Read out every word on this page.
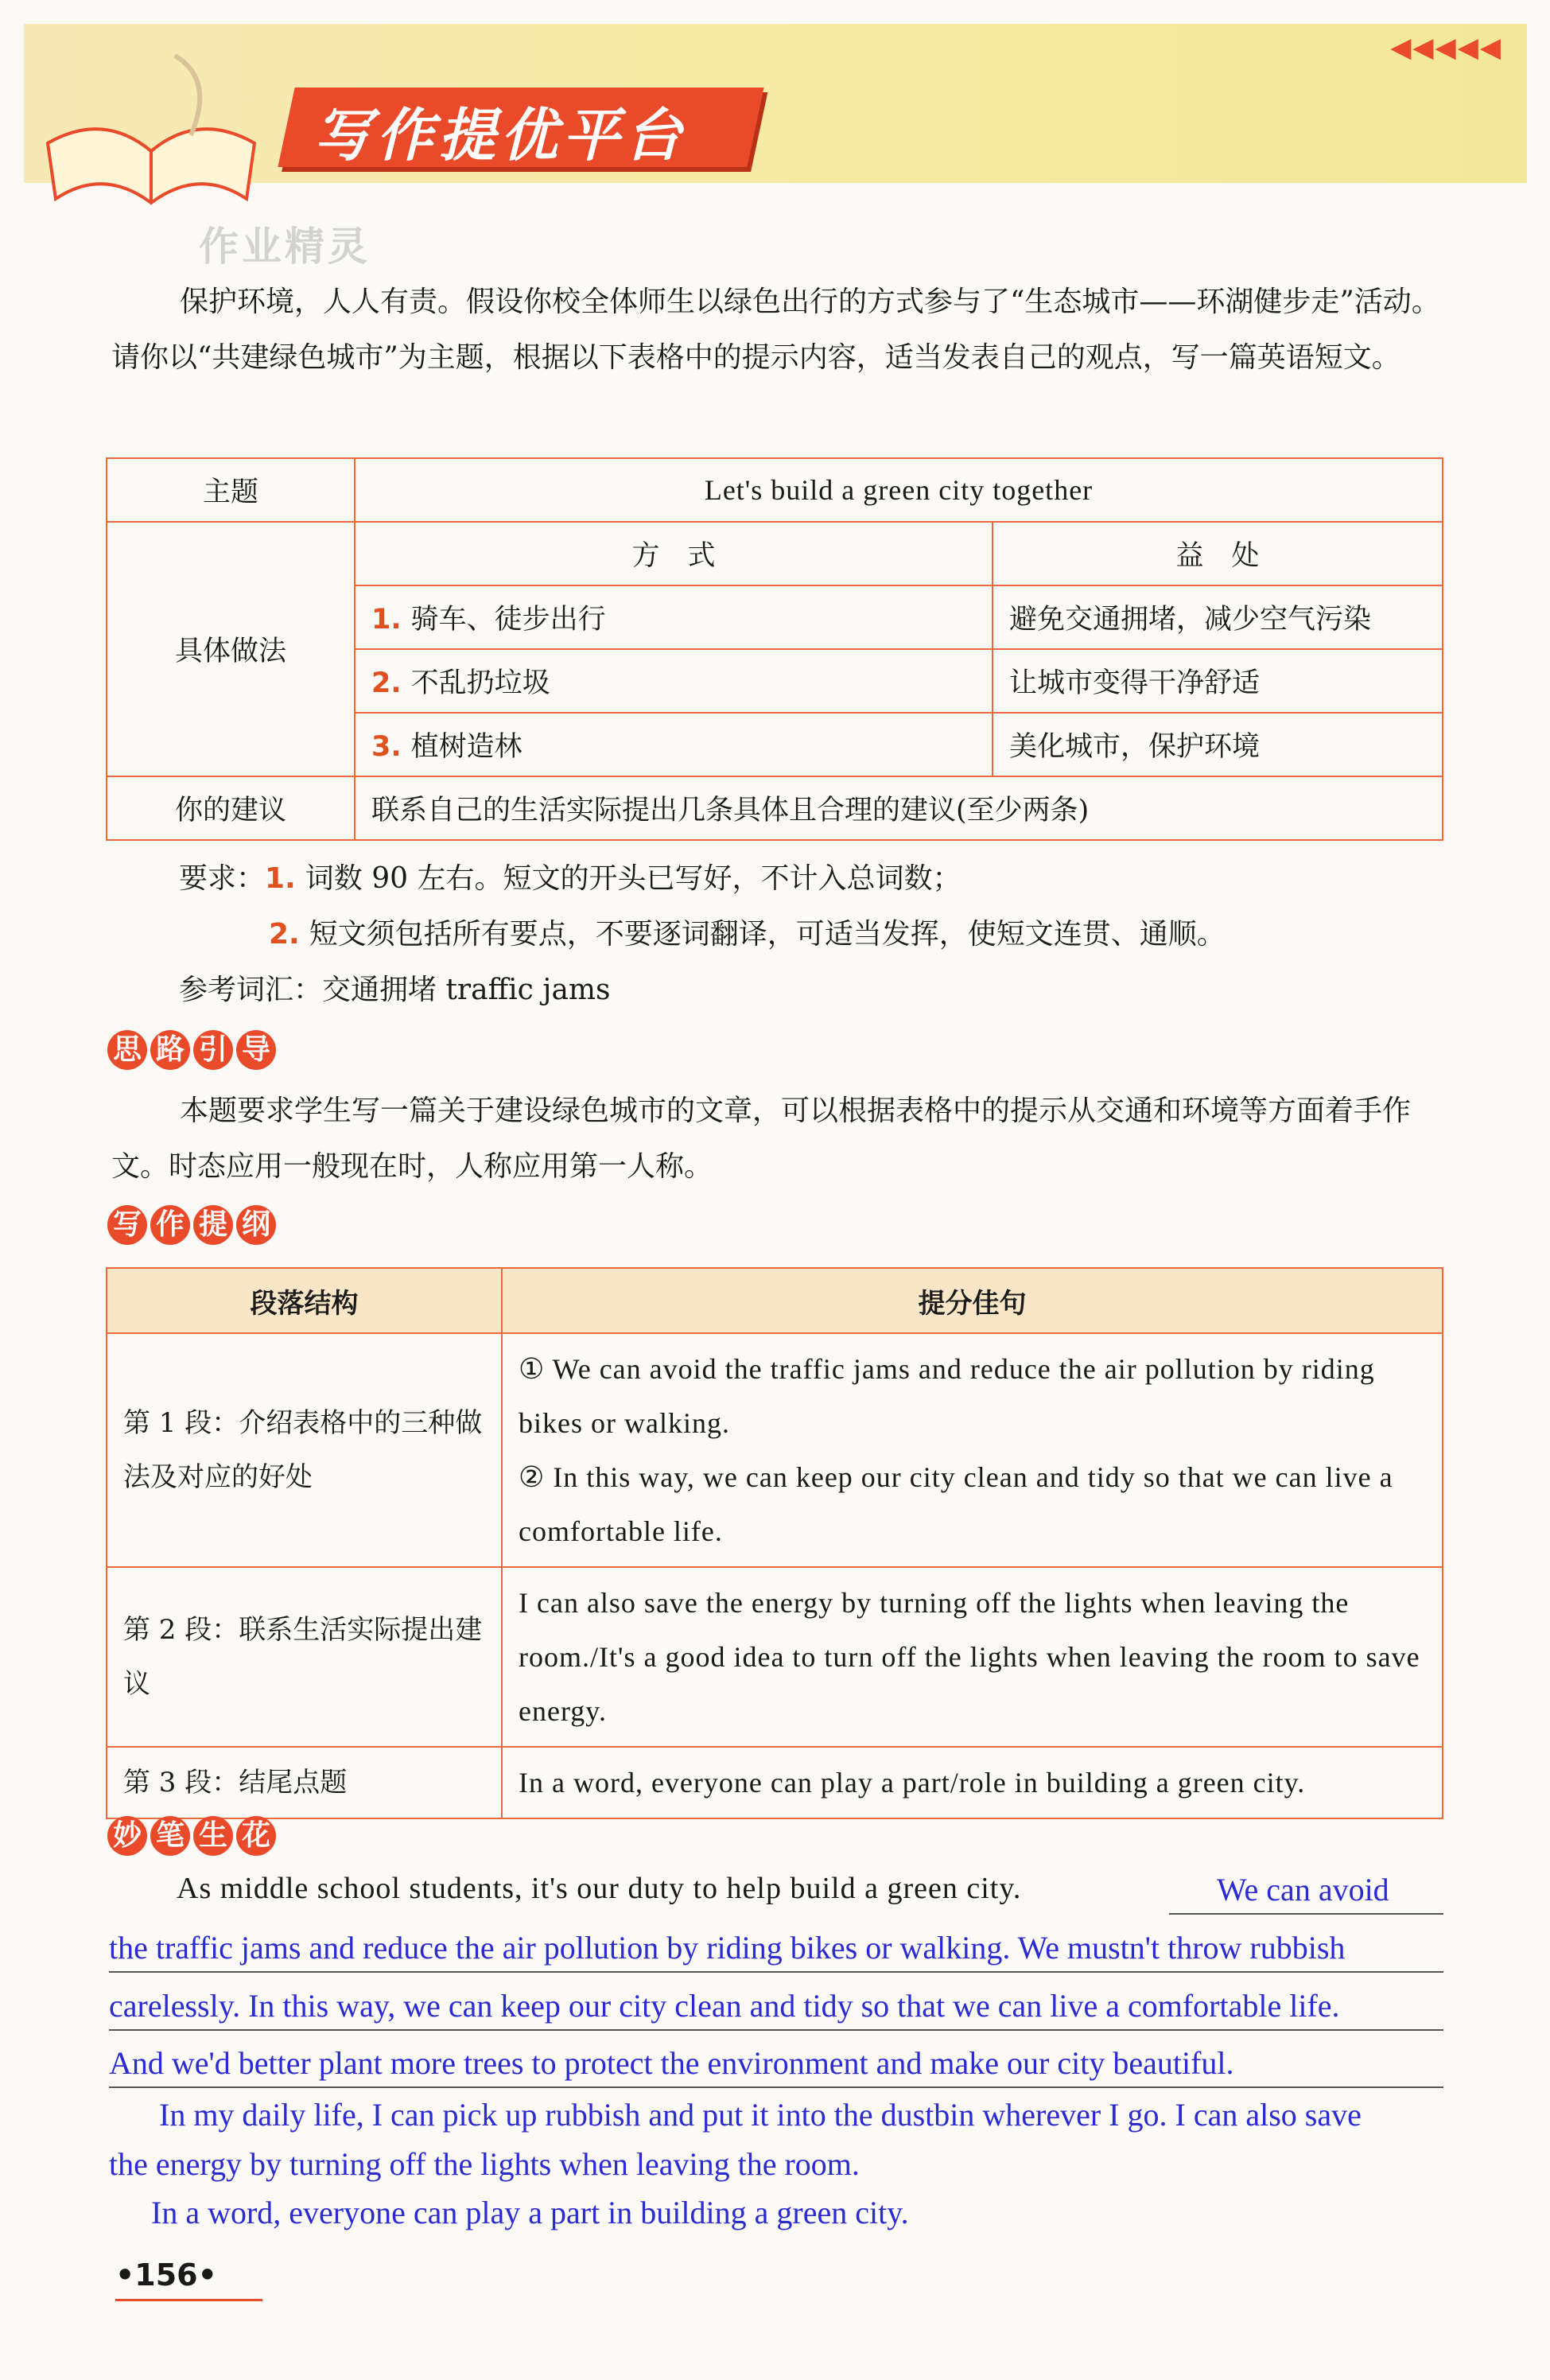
写作提优平台
◀◀◀◀◀
作业精灵
保护环境，人人有责。假设你校全体师生以绿色出行的方式参与了“生态城市——环湖健步走”活动。请你以“共建绿色城市”为主题，根据以下表格中的提示内容，适当发表自己的观点，写一篇英语短文。
主题	Let's build a green city together	
具体做法	方　式	益　处
	1. 骑车、徒步出行	避免交通拥堵，减少空气污染
	2. 不乱扔垃圾	让城市变得干净舒适
	3. 植树造林	美化城市，保护环境
你的建议	联系自己的生活实际提出几条具体且合理的建议(至少两条)	
要求：1. 词数 90 左右。短文的开头已写好，不计入总词数；
2. 短文须包括所有要点，不要逐词翻译，可适当发挥，使短文连贯、通顺。
参考词汇：交通拥堵 traffic jams
思 路 引 导
本题要求学生写一篇关于建设绿色城市的文章，可以根据表格中的提示从交通和环境等方面着手作文。时态应用一般现在时，人称应用第一人称。
写 作 提 纲
段落结构	提分佳句
第 1 段：介绍表格中的三种做法及对应的好处	① We can avoid the traffic jams and reduce the air pollution by riding bikes or walking.
② In this way, we can keep our city clean and tidy so that we can live a comfortable life.

第 2 段：联系生活实际提出建议	I can also save the energy by turning off the lights when leaving the room./It's a good idea to turn off the lights when leaving the room to save energy.
第 3 段：结尾点题	In a word, everyone can play a part/role in building a green city.
妙 笔 生 花
As middle school students, it's our duty to help build a green city.	We can avoid
the traffic jams and reduce the air pollution by riding bikes or walking. We mustn't throw rubbish
carelessly. In this way, we can keep our city clean and tidy so that we can live a comfortable life.
And we'd better plant more trees to protect the environment and make our city beautiful.
In my daily life, I can pick up rubbish and put it into the dustbin wherever I go. I can also save
the energy by turning off the lights when leaving the room.
In a word, everyone can play a part in building a green city.
•156•
